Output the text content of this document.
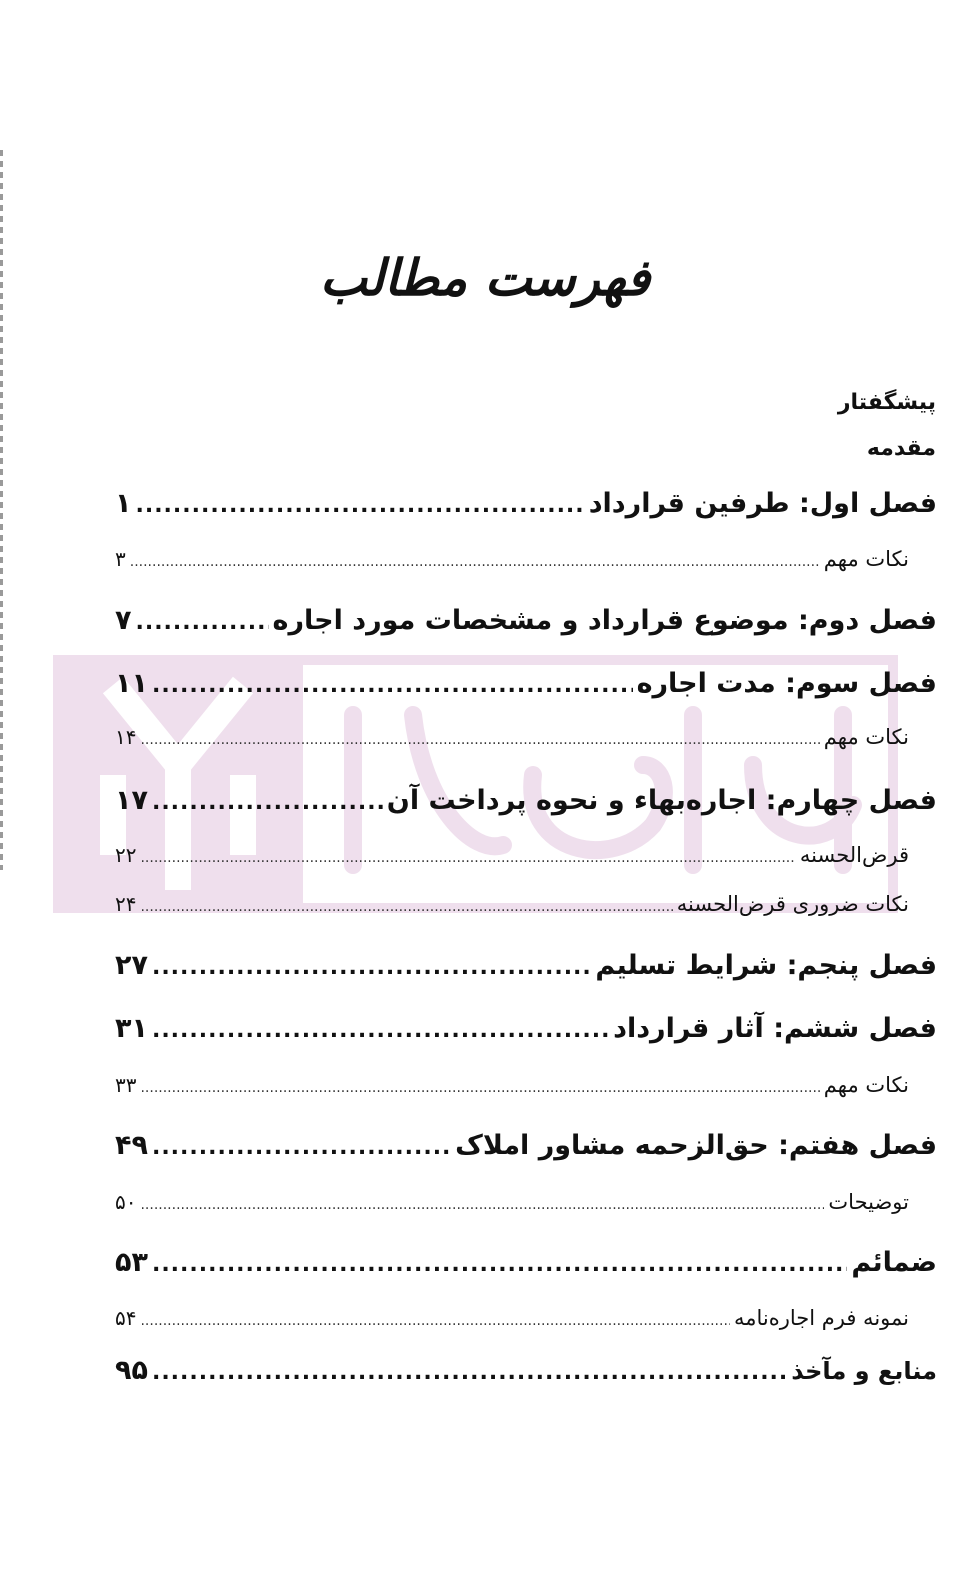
فهرست مطالب
پیشگفتار
مقدمه
فصل اول: طرفین قرارداد
.....
۱
نکات مهم
.....
۳
فصل دوم: موضوع قرارداد و مشخصات مورد اجاره
.....
۷
فصل سوم: مدت اجاره
.....
۱۱
نکات مهم
.....
۱۴
فصل چهارم: اجاره‌بهاء و نحوه پرداخت آن
.....
۱۷
قرض‌الحسنه
.....
۲۲
نکات ضروری قرض‌الحسنه
.....
۲۴
فصل پنجم: شرایط تسلیم
.....
۲۷
فصل ششم: آثار قرارداد
.....
۳۱
نکات مهم
.....
۳۳
فصل هفتم: حق‌الزحمه مشاور املاک
.....
۴۹
توضیحات
.....
۵۰
ضمائم
.....
۵۳
نمونه فرم اجاره‌نامه
.....
۵۴
منابع و مآخذ
.....
۹۵
